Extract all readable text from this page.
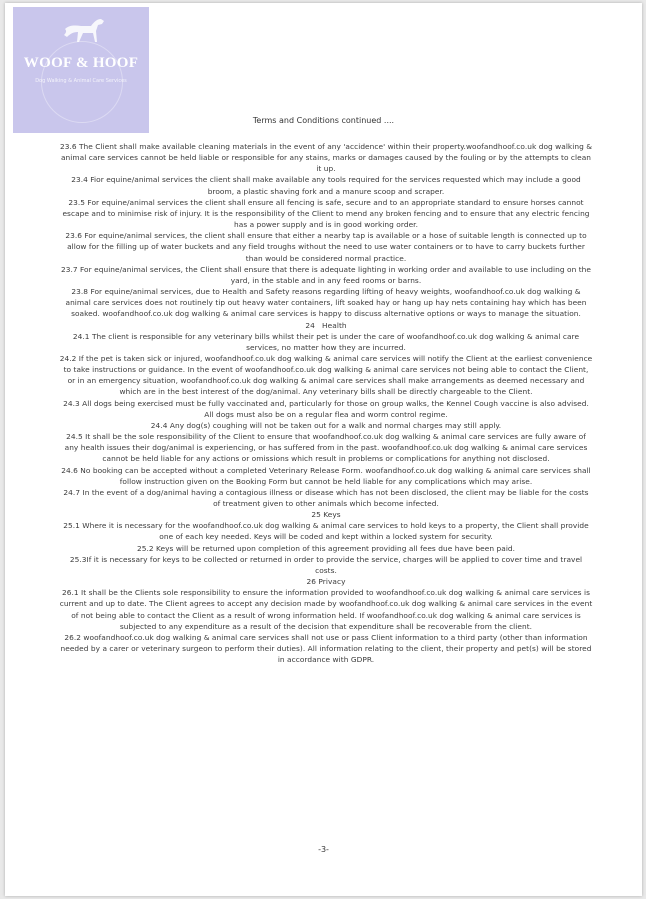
WOOF & HOOF
Dog Walking & Animal Care Services
Terms and Conditions continued ....

23.6 The Client shall make available cleaning materials in the event of any 'accidence' within their property.woofandhoof.co.uk dog walking & animal care services cannot be held liable or responsible for any stains, marks or damages caused by the fouling or by the attempts to clean it up.

23.4 Fior equine/animal services the client shall make available any tools required for the services requested which may include a good broom, a plastic shaving fork and a manure scoop and scraper.

23.5 For equine/animal services the client shall ensure all fencing is safe, secure and to an appropriate standard to ensure horses cannot escape and to minimise risk of injury. It is the responsibility of the Client to mend any broken fencing and to ensure that any electric fencing has a power supply and is in good working order.

23.6 For equine/animal services, the client shall ensure that either a nearby tap is available or a hose of suitable length is connected up to allow for the filling up of water buckets and any field troughs without the need to use water containers or to have to carry buckets further than would be considered normal practice.

23.7 For equine/animal services, the Client shall ensure that there is adequate lighting in working order and available to use including on the yard, in the stable and in any feed rooms or barns.

23.8 For equine/animal services, due to Health and Safety reasons regarding lifting of heavy weights, woofandhoof.co.uk dog walking & animal care services does not routinely tip out heavy water containers, lift soaked hay or hang up hay nets containing hay which has been soaked. woofandhoof.co.uk dog walking & animal care services is happy to discuss alternative options or ways to manage the situation.

24   Health

24.1 The client is responsible for any veterinary bills whilst their pet is under the care of woofandhoof.co.uk dog walking & animal care services, no matter how they are incurred.

24.2 If the pet is taken sick or injured, woofandhoof.co.uk dog walking & animal care services will notify the Client at the earliest convenience to take instructions or guidance. In the event of woofandhoof.co.uk dog walking & animal care services not being able to contact the Client, or in an emergency situation, woofandhoof.co.uk dog walking & animal care services shall make arrangements as deemed necessary and which are in the best interest of the dog/animal. Any veterinary bills shall be directly chargeable to the Client.

24.3 All dogs being exercised must be fully vaccinated and, particularly for those on group walks, the Kennel Cough vaccine is also advised. All dogs must also be on a regular flea and worm control regime.

24.4 Any dog(s) coughing will not be taken out for a walk and normal charges may still apply.

24.5 It shall be the sole responsibility of the Client to ensure that woofandhoof.co.uk dog walking & animal care services are fully aware of any health issues their dog/animal is experiencing, or has suffered from in the past. woofandhoof.co.uk dog walking & animal care services cannot be held liable for any actions or omissions which result in problems or complications for anything not disclosed.

24.6 No booking can be accepted without a completed Veterinary Release Form. woofandhoof.co.uk dog walking & animal care services shall follow instruction given on the Booking Form but cannot be held liable for any complications which may arise.

24.7 In the event of a dog/animal having a contagious illness or disease which has not been disclosed, the client may be liable for the costs of treatment given to other animals which become infected.

25 Keys

25.1 Where it is necessary for the woofandhoof.co.uk dog walking & animal care services to hold keys to a property, the Client shall provide one of each key needed. Keys will be coded and kept within a locked system for security.

25.2 Keys will be returned upon completion of this agreement providing all fees due have been paid.

25.3If it is necessary for keys to be collected or returned in order to provide the service, charges will be applied to cover time and travel costs.

26 Privacy

26.1 It shall be the Clients sole responsibility to ensure the information provided to woofandhoof.co.uk dog walking & animal care services is current and up to date. The Client agrees to accept any decision made by woofandhoof.co.uk dog walking & animal care services in the event of not being able to contact the Client as a result of wrong information held. If woofandhoof.co.uk dog walking & animal care services is subjected to any expenditure as a result of the decision that expenditure shall be recoverable from the client.

26.2 woofandhoof.co.uk dog walking & animal care services shall not use or pass Client information to a third party (other than information needed by a carer or veterinary surgeon to perform their duties). All information relating to the client, their property and pet(s) will be stored in accordance with GDPR.

-3-
